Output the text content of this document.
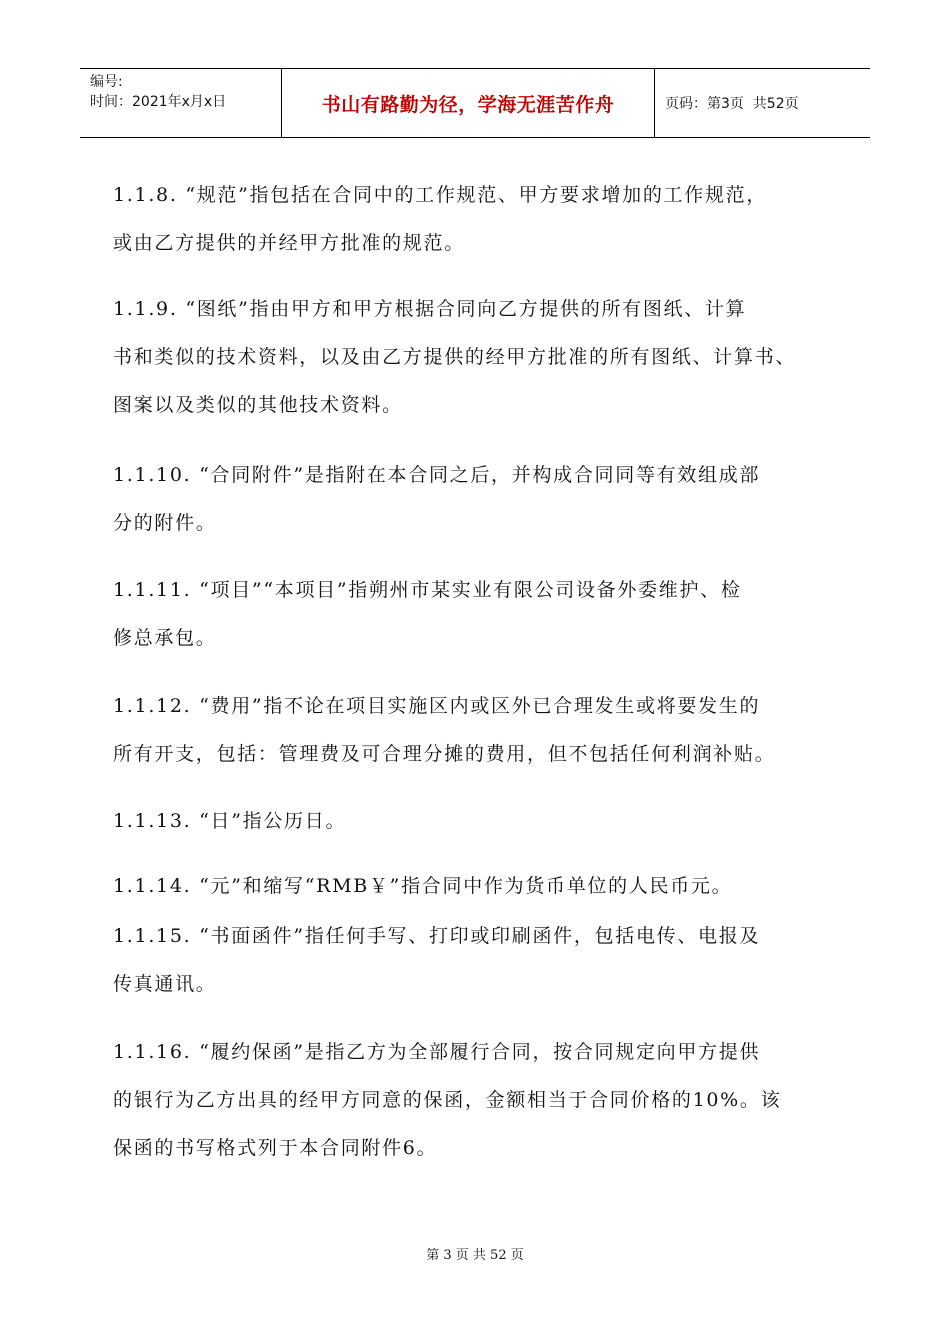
编号:
时间：2021年x月x日	书山有路勤为径，学海无涯苦作舟	页码：第3页  共52页
1.1.8. “规范”指包括在合同中的工作规范、甲方要求增加的工作规范，
或由乙方提供的并经甲方批准的规范。
1.1.9. “图纸”指由甲方和甲方根据合同向乙方提供的所有图纸、计算
书和类似的技术资料，以及由乙方提供的经甲方批准的所有图纸、计算书、
图案以及类似的其他技术资料。
1.1.10. “合同附件”是指附在本合同之后，并构成合同同等有效组成部
分的附件。
1.1.11. “项目”“本项目”指朔州市某实业有限公司设备外委维护、检
修总承包。
1.1.12. “费用”指不论在项目实施区内或区外已合理发生或将要发生的
所有开支，包括：管理费及可合理分摊的费用，但不包括任何利润补贴。
1.1.13. “日”指公历日。
1.1.14. “元”和缩写“RMB￥”指合同中作为货币单位的人民币元。
1.1.15. “书面函件”指任何手写、打印或印刷函件，包括电传、电报及
传真通讯。
1.1.16. “履约保函”是指乙方为全部履行合同，按合同规定向甲方提供
的银行为乙方出具的经甲方同意的保函，金额相当于合同价格的10%。该
保函的书写格式列于本合同附件6。
第 3 页 共 52 页
